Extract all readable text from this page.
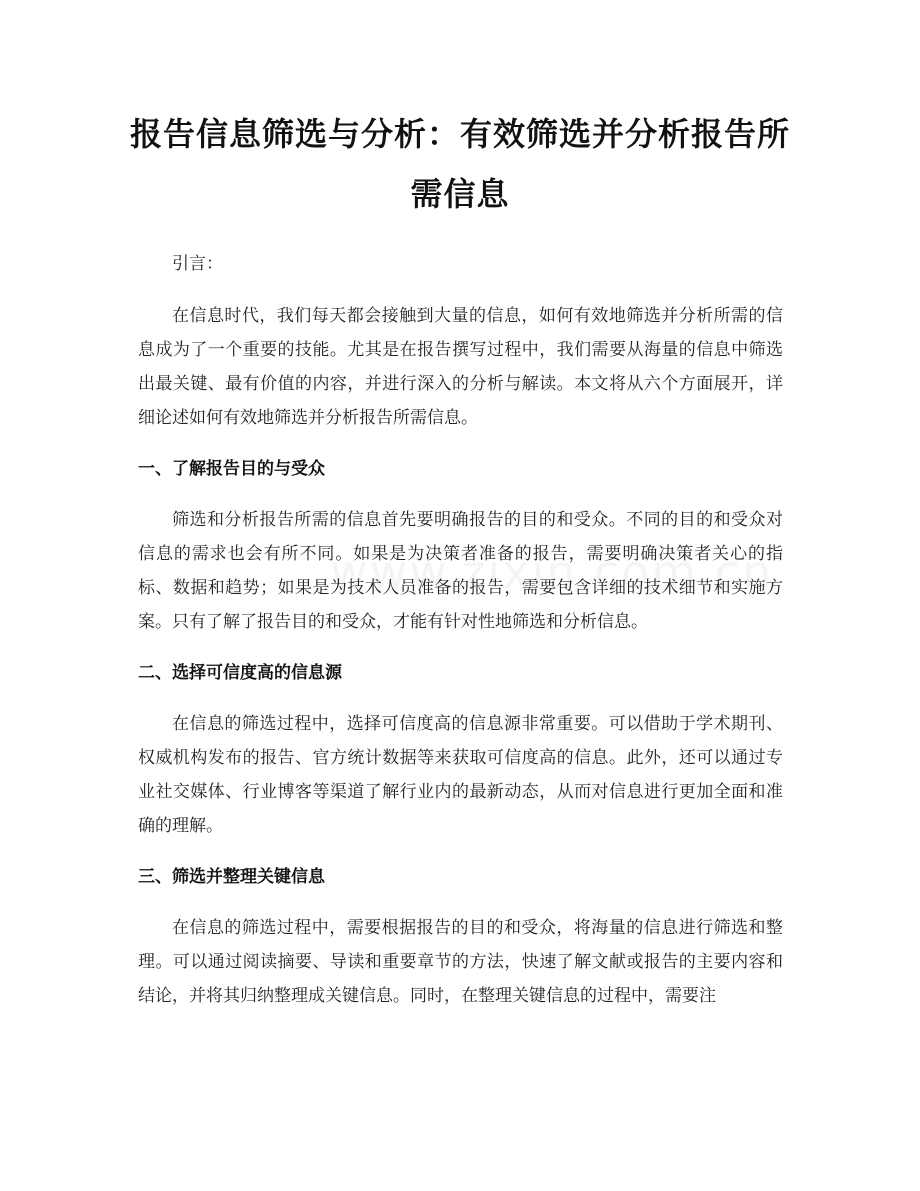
报告信息筛选与分析：有效筛选并分析报告所需信息

引言：

在信息时代，我们每天都会接触到大量的信息，如何有效地筛选并分析所需的信息成为了一个重要的技能。尤其是在报告撰写过程中，我们需要从海量的信息中筛选出最关键、最有价值的内容，并进行深入的分析与解读。本文将从六个方面展开，详细论述如何有效地筛选并分析报告所需信息。

一、了解报告目的与受众

筛选和分析报告所需的信息首先要明确报告的目的和受众。不同的目的和受众对信息的需求也会有所不同。如果是为决策者准备的报告，需要明确决策者关心的指标、数据和趋势；如果是为技术人员准备的报告，需要包含详细的技术细节和实施方案。只有了解了报告目的和受众，才能有针对性地筛选和分析信息。

二、选择可信度高的信息源

在信息的筛选过程中，选择可信度高的信息源非常重要。可以借助于学术期刊、权威机构发布的报告、官方统计数据等来获取可信度高的信息。此外，还可以通过专业社交媒体、行业博客等渠道了解行业内的最新动态，从而对信息进行更加全面和准确的理解。

三、筛选并整理关键信息

在信息的筛选过程中，需要根据报告的目的和受众，将海量的信息进行筛选和整理。可以通过阅读摘要、导读和重要章节的方法，快速了解文献或报告的主要内容和结论，并将其归纳整理成关键信息。同时，在整理关键信息的过程中，需要注
